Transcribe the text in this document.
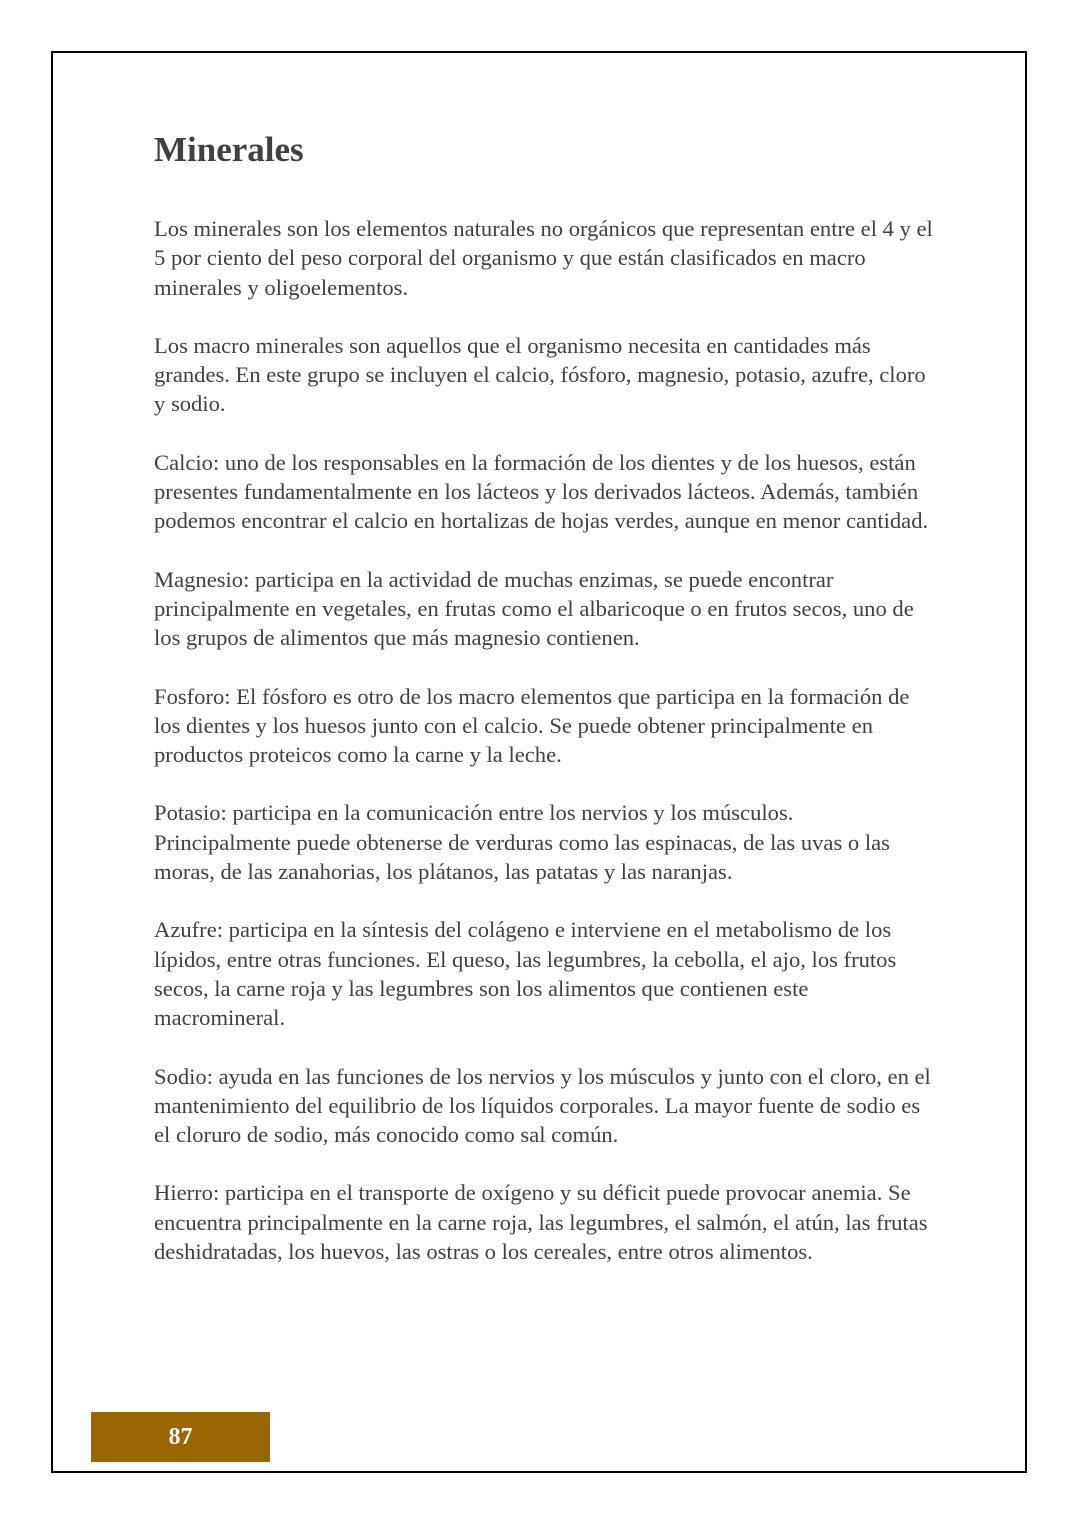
Minerales

Los minerales son los elementos naturales no orgánicos que representan entre el 4 y el 5 por ciento del peso corporal del organismo y que están clasificados en macro minerales y oligoelementos.

Los macro minerales son aquellos que el organismo necesita en cantidades más grandes. En este grupo se incluyen el calcio, fósforo, magnesio, potasio, azufre, cloro y sodio.

Calcio: uno de los responsables en la formación de los dientes y de los huesos, están presentes fundamentalmente en los lácteos y los derivados lácteos. Además, también podemos encontrar el calcio en hortalizas de hojas verdes, aunque en menor cantidad.

Magnesio: participa en la actividad de muchas enzimas, se puede encontrar principalmente en vegetales, en frutas como el albaricoque o en frutos secos, uno de los grupos de alimentos que más magnesio contienen.

Fosforo: El fósforo es otro de los macro elementos que participa en la formación de los dientes y los huesos junto con el calcio. Se puede obtener principalmente en productos proteicos como la carne y la leche.

Potasio: participa en la comunicación entre los nervios y los músculos. Principalmente puede obtenerse de verduras como las espinacas, de las uvas o las moras, de las zanahorias, los plátanos, las patatas y las naranjas.

Azufre: participa en la síntesis del colágeno e interviene en el metabolismo de los lípidos, entre otras funciones. El queso, las legumbres, la cebolla, el ajo, los frutos secos, la carne roja y las legumbres son los alimentos que contienen este macromineral.

Sodio: ayuda en las funciones de los nervios y los músculos y junto con el cloro, en el mantenimiento del equilibrio de los líquidos corporales. La mayor fuente de sodio es el cloruro de sodio, más conocido como sal común.

Hierro: participa en el transporte de oxígeno y su déficit puede provocar anemia. Se encuentra principalmente en la carne roja, las legumbres, el salmón, el atún, las frutas deshidratadas, los huevos, las ostras o los cereales, entre otros alimentos.

87
